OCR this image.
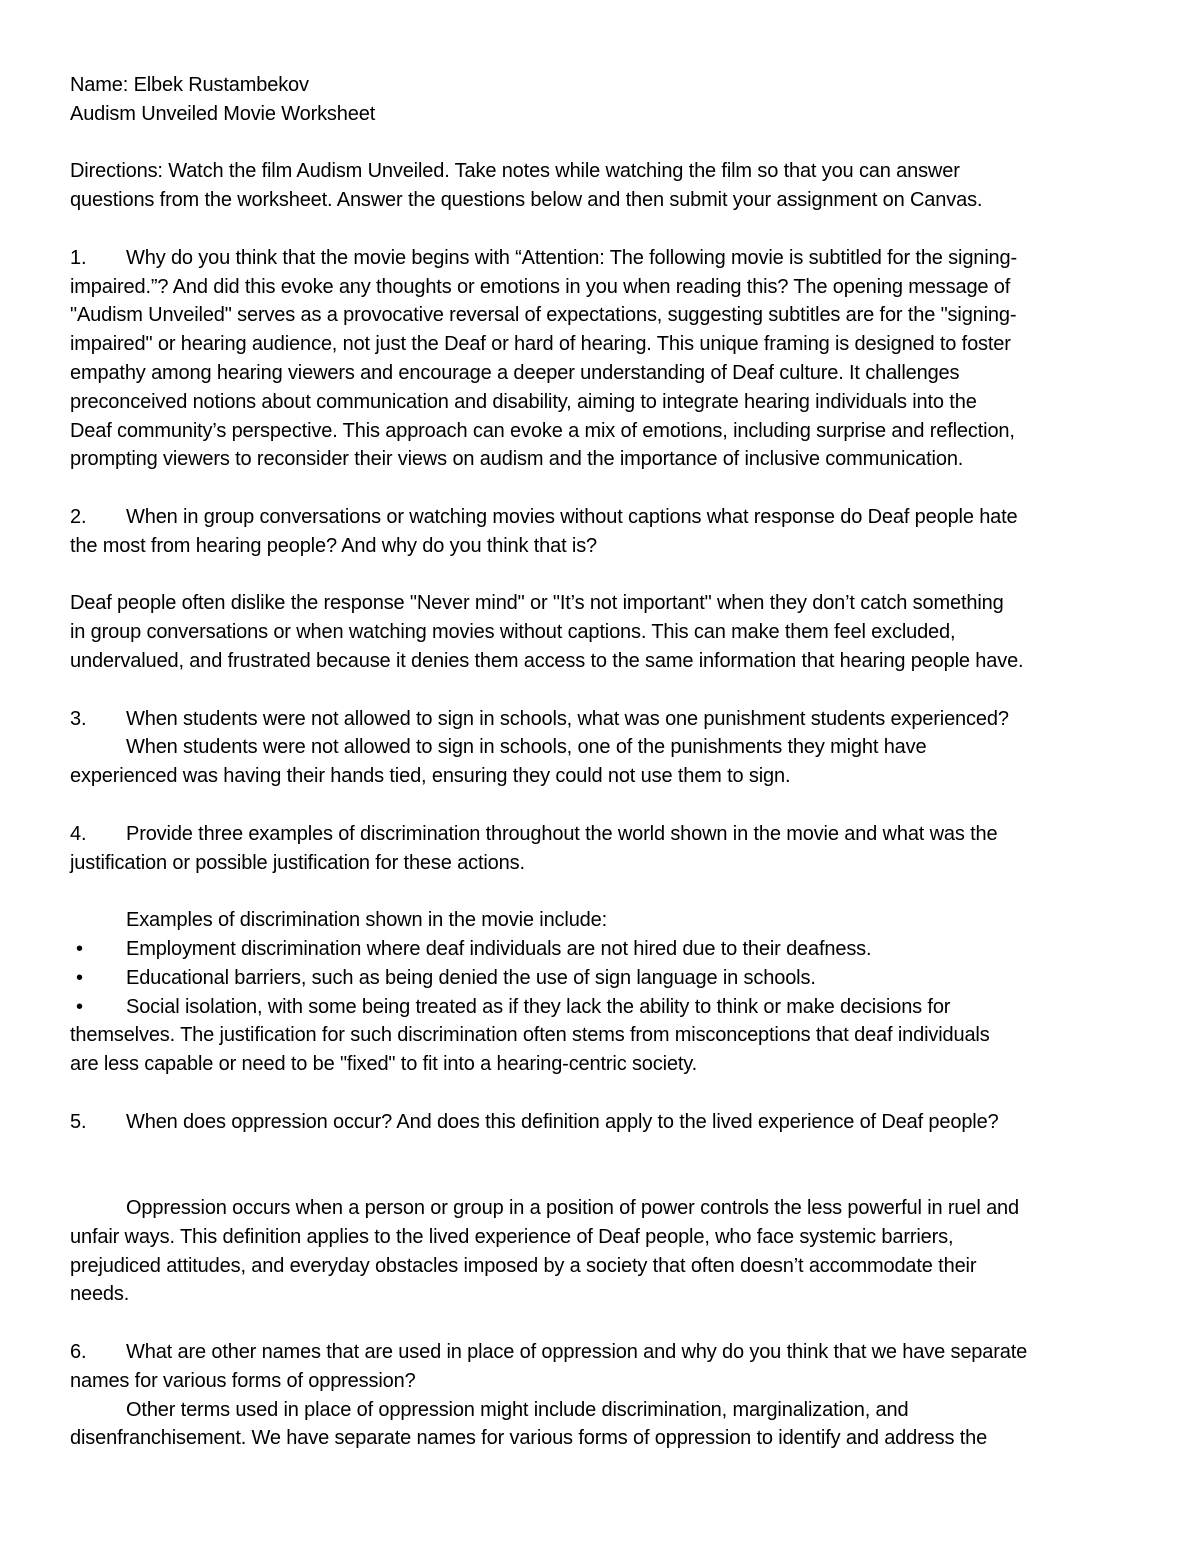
Name: Elbek Rustambekov
Audism Unveiled Movie Worksheet
Directions: Watch the film Audism Unveiled. Take notes while watching the film so that you can answer
questions from the worksheet. Answer the questions below and then submit your assignment on Canvas.
1. Why do you think that the movie begins with “Attention: The following movie is subtitled for the signing-
impaired.”? And did this evoke any thoughts or emotions in you when reading this? The opening message of
"Audism Unveiled" serves as a provocative reversal of expectations, suggesting subtitles are for the "signing-
impaired" or hearing audience, not just the Deaf or hard of hearing. This unique framing is designed to foster
empathy among hearing viewers and encourage a deeper understanding of Deaf culture. It challenges
preconceived notions about communication and disability, aiming to integrate hearing individuals into the
Deaf community’s perspective. This approach can evoke a mix of emotions, including surprise and reflection,
prompting viewers to reconsider their views on audism and the importance of inclusive communication.
2. When in group conversations or watching movies without captions what response do Deaf people hate
the most from hearing people? And why do you think that is?
Deaf people often dislike the response "Never mind" or "It’s not important" when they don’t catch something
in group conversations or when watching movies without captions. This can make them feel excluded,
undervalued, and frustrated because it denies them access to the same information that hearing people have.
3. When students were not allowed to sign in schools, what was one punishment students experienced?
When students were not allowed to sign in schools, one of the punishments they might have
experienced was having their hands tied, ensuring they could not use them to sign.
4. Provide three examples of discrimination throughout the world shown in the movie and what was the
justification or possible justification for these actions.
Examples of discrimination shown in the movie include:
• Employment discrimination where deaf individuals are not hired due to their deafness.
• Educational barriers, such as being denied the use of sign language in schools.
• Social isolation, with some being treated as if they lack the ability to think or make decisions for
themselves. The justification for such discrimination often stems from misconceptions that deaf individuals
are less capable or need to be "fixed" to fit into a hearing-centric society.
5. When does oppression occur? And does this definition apply to the lived experience of Deaf people?
Oppression occurs when a person or group in a position of power controls the less powerful in ruel and
unfair ways. This definition applies to the lived experience of Deaf people, who face systemic barriers,
prejudiced attitudes, and everyday obstacles imposed by a society that often doesn’t accommodate their
needs.
6. What are other names that are used in place of oppression and why do you think that we have separate
names for various forms of oppression?
Other terms used in place of oppression might include discrimination, marginalization, and
disenfranchisement. We have separate names for various forms of oppression to identify and address the
